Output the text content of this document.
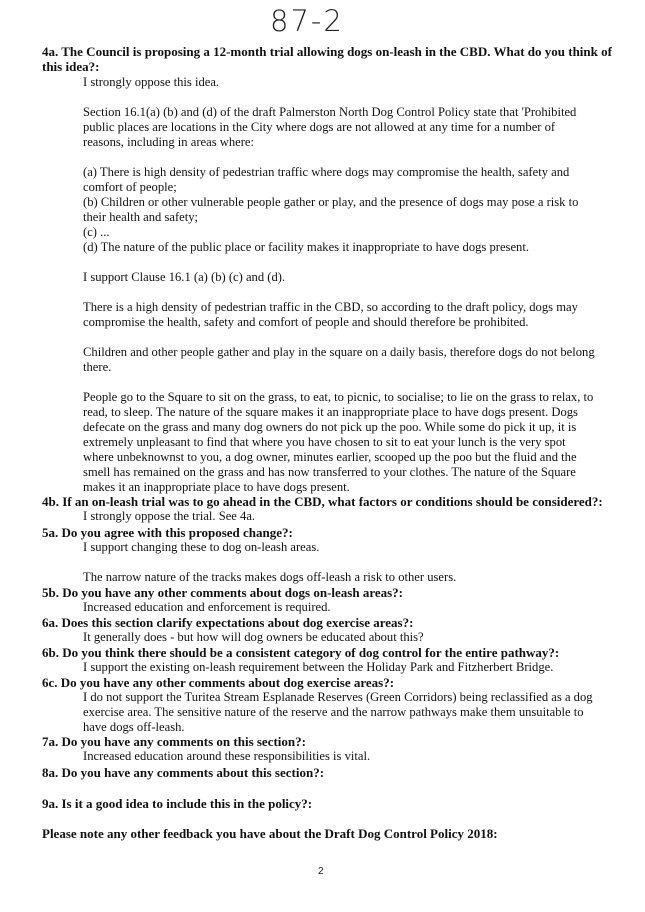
87-2
4a. The Council is proposing a 12-month trial allowing dogs on-leash in the CBD. What do you think of this idea?:

I strongly oppose this idea.

Section 16.1(a) (b) and (d) of the draft Palmerston North Dog Control Policy state that 'Prohibited public places are locations in the City where dogs are not allowed at any time for a number of reasons, including in areas where:

(a) There is high density of pedestrian traffic where dogs may compromise the health, safety and comfort of people;

(b) Children or other vulnerable people gather or play, and the presence of dogs may pose a risk to their health and safety;

(c) ...

(d) The nature of the public place or facility makes it inappropriate to have dogs present.

I support Clause 16.1 (a) (b) (c) and (d).

There is a high density of pedestrian traffic in the CBD, so according to the draft policy, dogs may compromise the health, safety and comfort of people and should therefore be prohibited.

Children and other people gather and play in the square on a daily basis, therefore dogs do not belong there.

People go to the Square to sit on the grass, to eat, to picnic, to socialise; to lie on the grass to relax, to read, to sleep. The nature of the square makes it an inappropriate place to have dogs present. Dogs defecate on the grass and many dog owners do not pick up the poo. While some do pick it up, it is extremely unpleasant to find that where you have chosen to sit to eat your lunch is the very spot where unbeknownst to you, a dog owner, minutes earlier, scooped up the poo but the fluid and the smell has remained on the grass and has now transferred to your clothes. The nature of the Square makes it an inappropriate place to have dogs present.

4b. If an on-leash trial was to go ahead in the CBD, what factors or conditions should be considered?:
I strongly oppose the trial. See 4a.
5a. Do you agree with this proposed change?:

I support changing these to dog on-leash areas.

The narrow nature of the tracks makes dogs off-leash a risk to other users.

5b. Do you have any other comments about dogs on-leash areas?:
Increased education and enforcement is required.
6a. Does this section clarify expectations about dog exercise areas?:
It generally does - but how will dog owners be educated about this?
6b. Do you think there should be a consistent category of dog control for the entire pathway?:
I support the existing on-leash requirement between the Holiday Park and Fitzherbert Bridge.
6c. Do you have any other comments about dog exercise areas?:
I do not support the Turitea Stream Esplanade Reserves (Green Corridors) being reclassified as a dog exercise area. The sensitive nature of the reserve and the narrow pathways make them unsuitable to have dogs off-leash.
7a. Do you have any comments on this section?:
Increased education around these responsibilities is vital.
8a. Do you have any comments about this section?:
9a. Is it a good idea to include this in the policy?:
Please note any other feedback you have about the Draft Dog Control Policy 2018:
2
